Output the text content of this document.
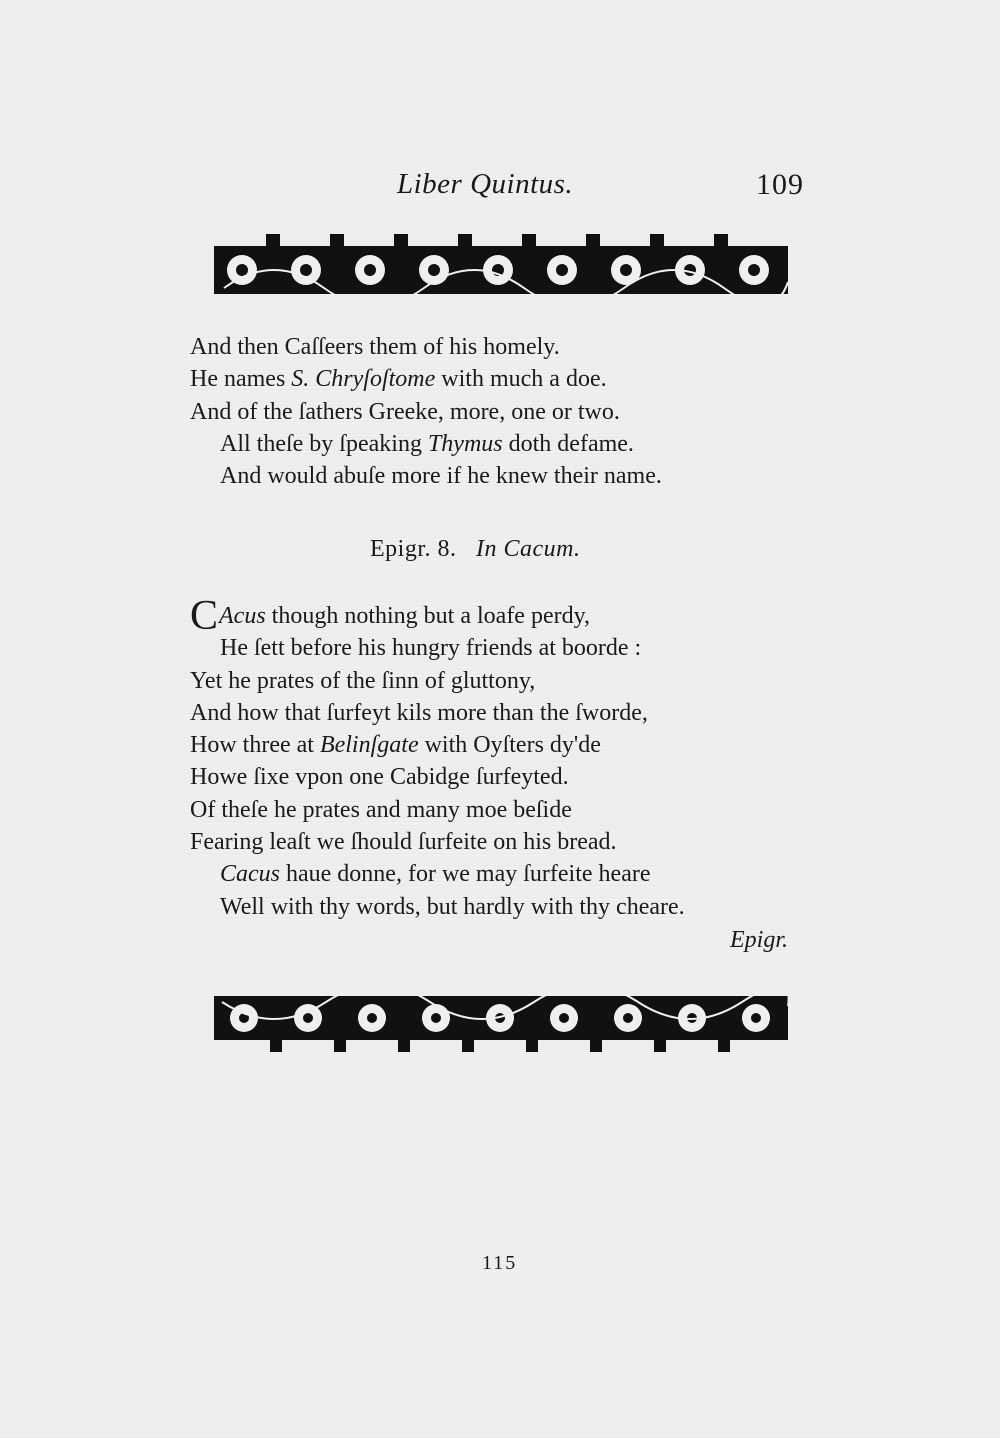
Liber Quintus.	109
And then Caſſeers them of his homely.
He names S. Chryſoſtome with much a doe.
And of the ſathers Greeke, more, one or two.
All theſe by ſpeaking Thymus doth defame.
And would abuſe more if he knew their name.
Epigr. 8. In Cacum.
CAcus though nothing but a loafe perdy,
He ſett before his hungry friends at boorde :
Yet he prates of the ſinn of gluttony,
And how that ſurfeyt kils more than the ſworde,
How three at Belinſgate with Oyſters dy'de
Howe ſixe vpon one Cabidge ſurfeyted.
Of theſe he prates and many moe beſide
Fearing leaſt we ſhould ſurfeite on his bread.
Cacus haue donne, for we may ſurfeite heare
Well with thy words, but hardly with thy cheare.
Epigr.
115
